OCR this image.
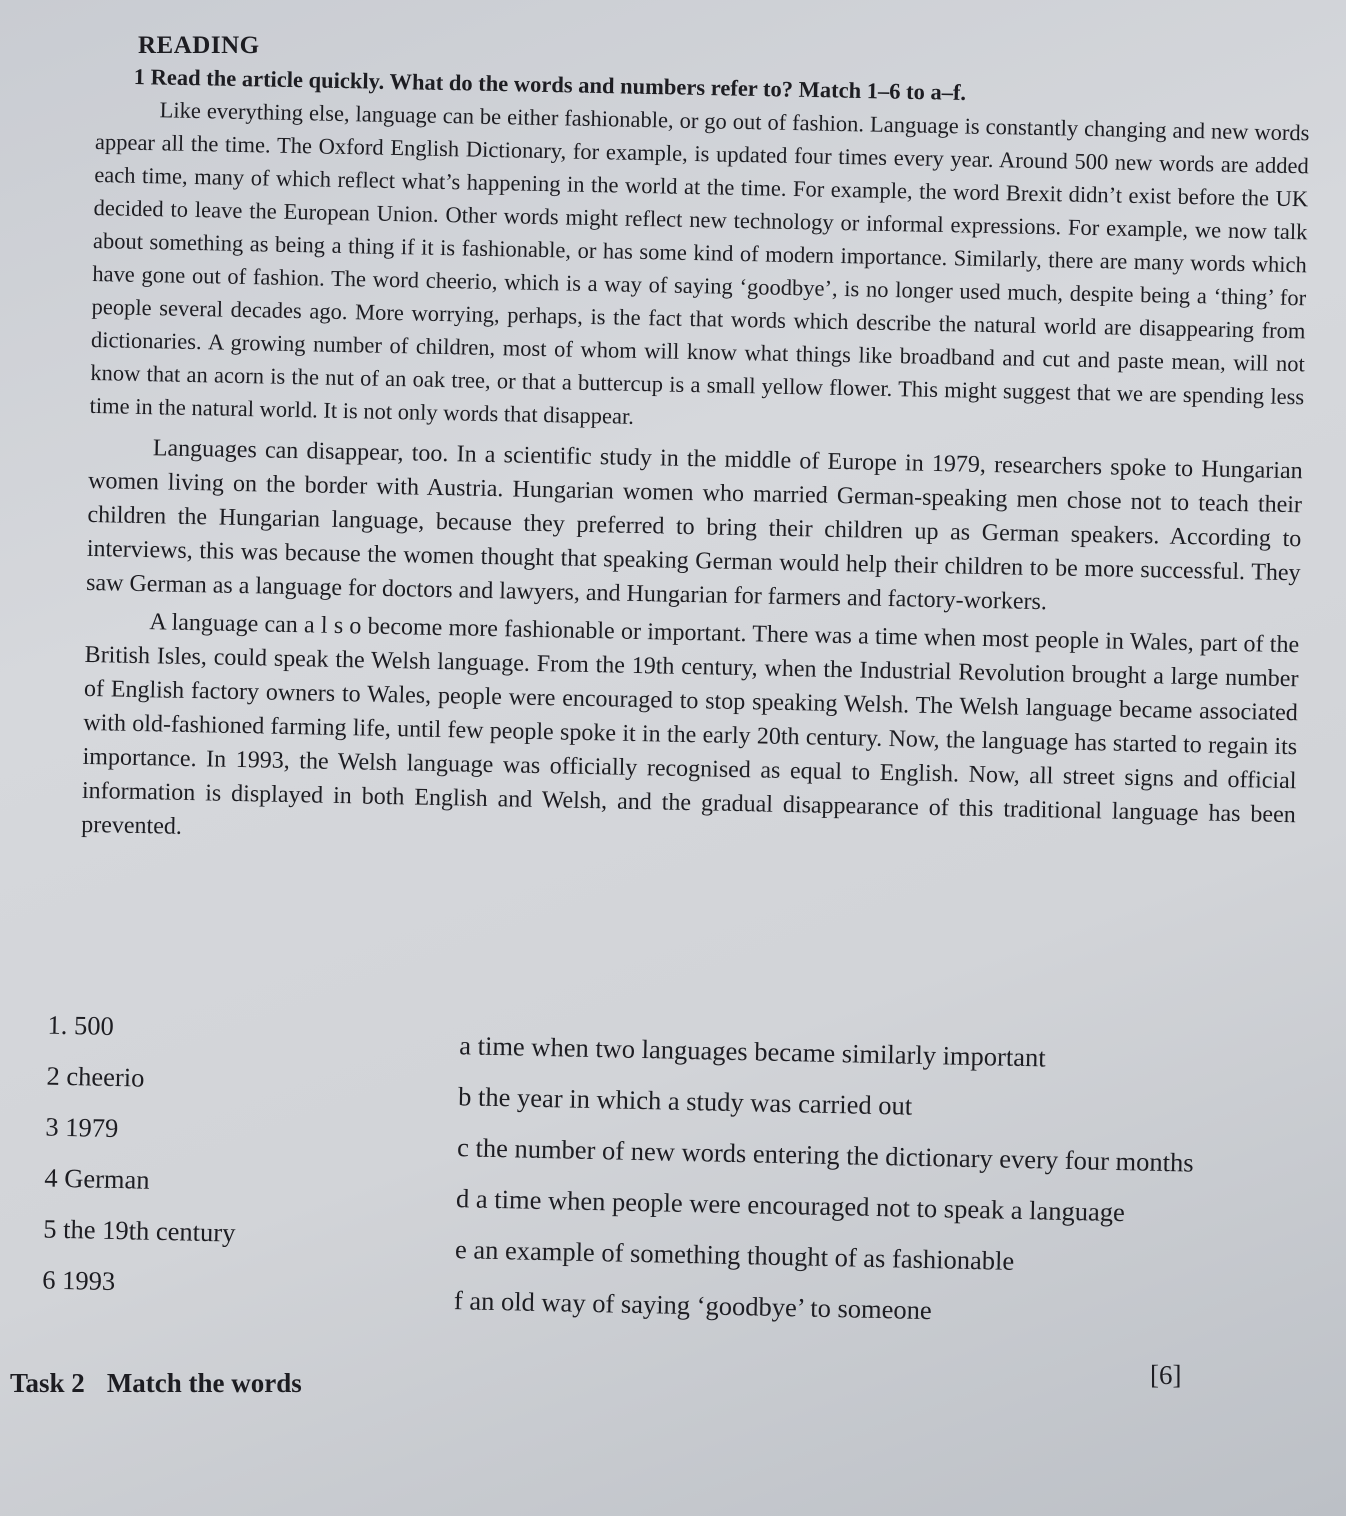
READING

1 Read the article quickly. What do the words and numbers refer to? Match 1–6 to a–f.

Like everything else, language can be either fashionable, or go out of fashion. Language is constantly changing and new words appear all the time. The Oxford English Dictionary, for example, is updated four times every year. Around 500 new words are added each time, many of which reflect what’s happening in the world at the time. For example, the word Brexit didn’t exist before the UK decided to leave the European Union. Other words might reflect new technology or informal expressions. For example, we now talk about something as being a thing if it is fashionable, or has some kind of modern importance. Similarly, there are many words which have gone out of fashion. The word cheerio, which is a way of saying ‘goodbye’, is no longer used much, despite being a ‘thing’ for people several decades ago. More worrying, perhaps, is the fact that words which describe the natural world are disappearing from dictionaries. A growing number of children, most of whom will know what things like broadband and cut and paste mean, will not know that an acorn is the nut of an oak tree, or that a buttercup is a small yellow flower. This might suggest that we are spending less time in the natural world. It is not only words that disappear.

Languages can disappear, too. In a scientific study in the middle of Europe in 1979, researchers spoke to Hungarian women living on the border with Austria. Hungarian women who married German-speaking men chose not to teach their children the Hungarian language, because they preferred to bring their children up as German speakers. According to interviews, this was because the women thought that speaking German would help their children to be more successful. They saw German as a language for doctors and lawyers, and Hungarian for farmers and factory-workers.

A language can a l s o become more fashionable or important. There was a time when most people in Wales, part of the British Isles, could speak the Welsh language. From the 19th century, when the Industrial Revolution brought a large number of English factory owners to Wales, people were encouraged to stop speaking Welsh. The Welsh language became associated with old-fashioned farming life, until few people spoke it in the early 20th century. Now, the language has started to regain its importance. In 1993, the Welsh language was officially recognised as equal to English. Now, all street signs and official information is displayed in both English and Welsh, and the gradual disappearance of this traditional language has been prevented.

1. 500
2 cheerio
3 1979
4 German
5 the 19th century
6 1993
a time when two languages became similarly important
b the year in which a study was carried out
c the number of new words entering the dictionary every four months
d a time when people were encouraged not to speak a language
e an example of something thought of as fashionable
f an old way of saying ‘goodbye’ to someone

Task 2 Match the words	[6]
